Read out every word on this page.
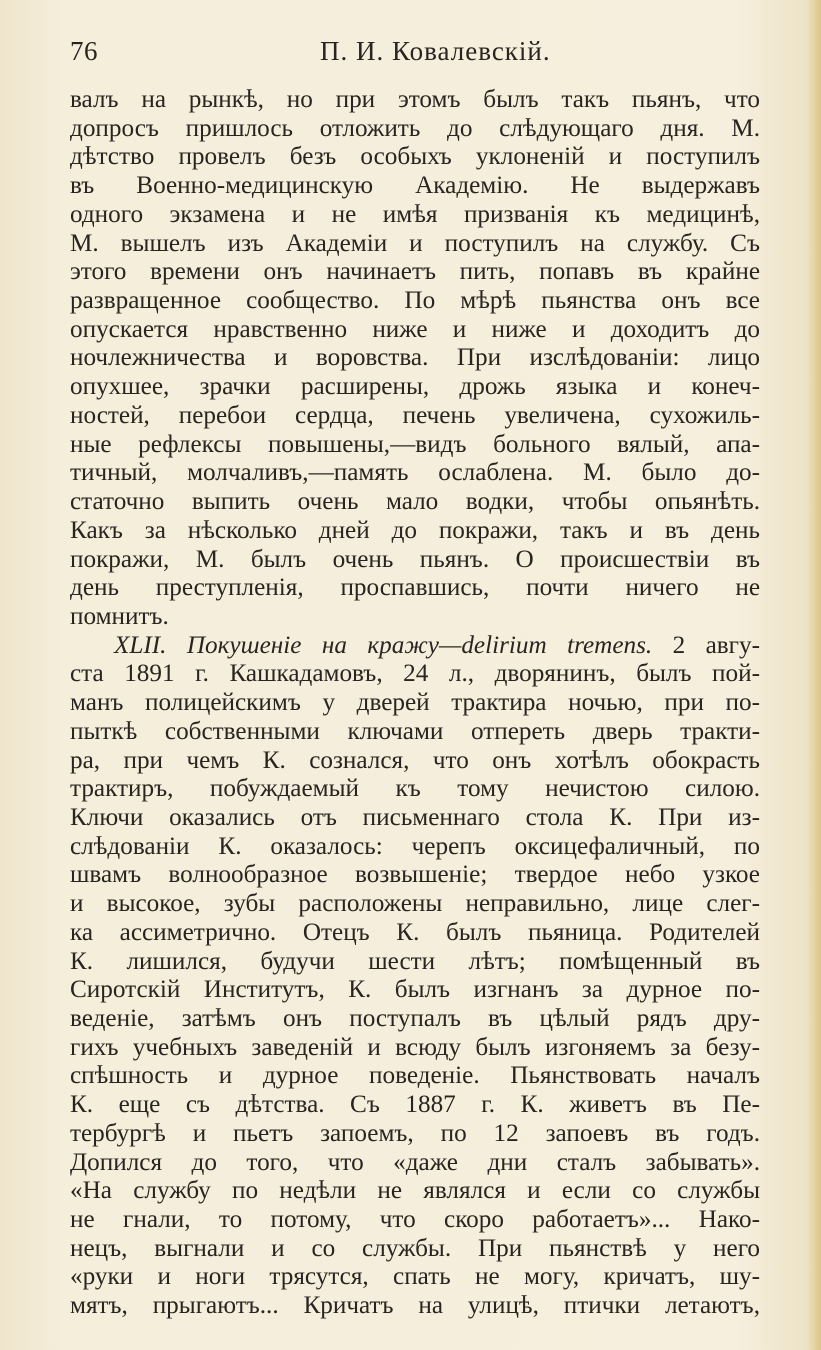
76	П. И. Ковалевскій.
валъ на рынкѣ, но при этомъ былъ такъ пьянъ, что
допросъ пришлось отложить до слѣдующаго дня. М.
дѣтство провелъ безъ особыхъ уклоненій и поступилъ
въ Военно-медицинскую Академію. Не выдержавъ
одного экзамена и не имѣя призванія къ медицинѣ,
М. вышелъ изъ Академіи и поступилъ на службу. Съ
этого времени онъ начинаетъ пить, попавъ въ крайне
развращенное сообщество. По мѣрѣ пьянства онъ все
опускается нравственно ниже и ниже и доходитъ до
ночлежничества и воровства. При изслѣдованіи: лицо
опухшее, зрачки расширены, дрожь языка и конеч-
ностей, перебои сердца, печень увеличена, сухожиль-
ные рефлексы повышены,—видъ больного вялый, апа-
тичный, молчаливъ,—память ослаблена. М. было до-
статочно выпить очень мало водки, чтобы опьянѣть.
Какъ за нѣсколько дней до покражи, такъ и въ день
покражи, М. былъ очень пьянъ. О происшествіи въ
день преступленія, проспавшись, почти ничего не
помнитъ.
XLII. Покушеніе на кражу—delirium tremens. 2 авгу-
ста 1891 г. Кашкадамовъ, 24 л., дворянинъ, былъ пой-
манъ полицейскимъ у дверей трактира ночью, при по-
пыткѣ собственными ключами отпереть дверь тракти-
ра, при чемъ К. сознался, что онъ хотѣлъ обокрасть
трактиръ, побуждаемый къ тому нечистою силою.
Ключи оказались отъ письменнаго стола К. При из-
слѣдованіи К. оказалось: черепъ оксицефаличный, по
швамъ волнообразное возвышеніе; твердое небо узкое
и высокое, зубы расположены неправильно, лице слег-
ка ассиметрично. Отецъ К. былъ пьяница. Родителей
К. лишился, будучи шести лѣтъ; помѣщенный въ
Сиротскій Институтъ, К. былъ изгнанъ за дурное по-
веденіе, затѣмъ онъ поступалъ въ цѣлый рядъ дру-
гихъ учебныхъ заведеній и всюду былъ изгоняемъ за безу-
спѣшность и дурное поведеніе. Пьянствовать началъ
К. еще съ дѣтства. Съ 1887 г. К. живетъ въ Пе-
тербургѣ и пьетъ запоемъ, по 12 запоевъ въ годъ.
Допился до того, что «даже дни сталъ забывать».
«На службу по недѣли не являлся и если со службы
не гнали, то потому, что скоро работаетъ»... Нако-
нецъ, выгнали и со службы. При пьянствѣ у него
«руки и ноги трясутся, спать не могу, кричатъ, шу-
мятъ, прыгаютъ... Кричатъ на улицѣ, птички летаютъ,
